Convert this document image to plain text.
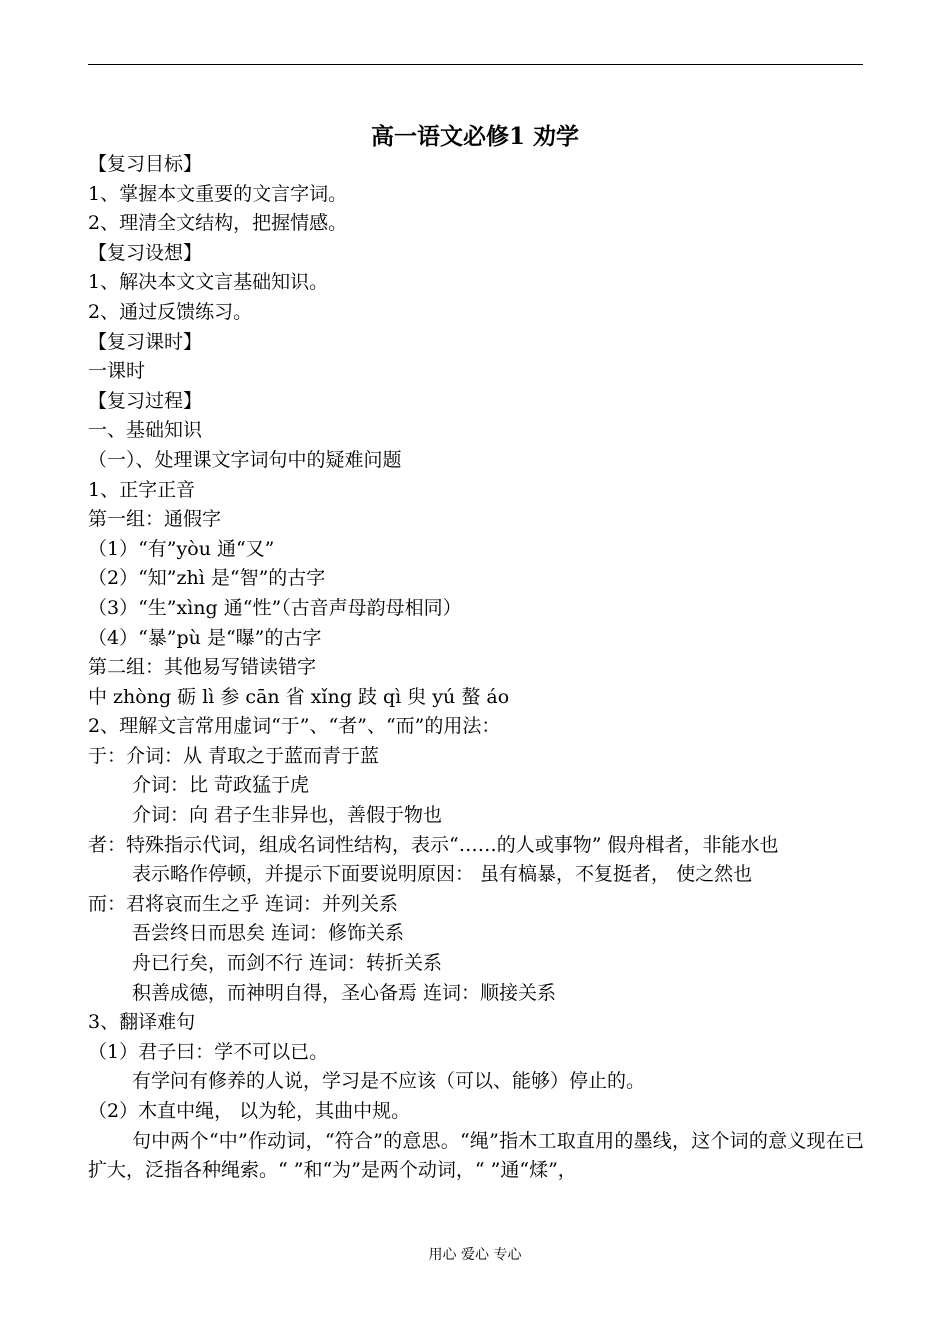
高一语文必修1 劝学
【复习目标】
1、掌握本文重要的文言字词。
2、理清全文结构，把握情感。
【复习设想】
1、解决本文文言基础知识。
2、通过反馈练习。
【复习课时】
一课时
【复习过程】
一、基础知识
（一）、处理课文字词句中的疑难问题
1、正字正音
第一组：通假字
（1）“有”yòu 通“又”
（2）“知”zhì 是“智”的古字
（3）“生”xìng 通“性”（古音声母韵母相同）
（4）“暴”pù 是“曝”的古字
第二组：其他易写错读错字
中 zhòng 砺 lì 参 cān 省 xǐng 跂 qì 臾 yú 螯 áo
2、理解文言常用虚词“于”、“者”、“而”的用法：
于：介词：从 青取之于蓝而青于蓝
介词：比 苛政猛于虎
介词：向 君子生非异也，善假于物也
者：特殊指示代词，组成名词性结构，表示“……的人或事物” 假舟楫者，非能水也
表示略作停顿，并提示下面要说明原因： 虽有槁暴，不复挺者， 使之然也
而：君将哀而生之乎 连词：并列关系
吾尝终日而思矣 连词：修饰关系
舟已行矣，而剑不行 连词：转折关系
积善成德，而神明自得，圣心备焉 连词：顺接关系
3、翻译难句
（1）君子曰：学不可以已。
有学问有修养的人说，学习是不应该（可以、能够）停止的。
（2）木直中绳， 以为轮，其曲中规。
句中两个“中”作动词，“符合”的意思。“绳”指木工取直用的墨线，这个词的意义现在已扩大，泛指各种绳索。“ ”和“为”是两个动词，“ ”通“煣”，
用心 爱心 专心
